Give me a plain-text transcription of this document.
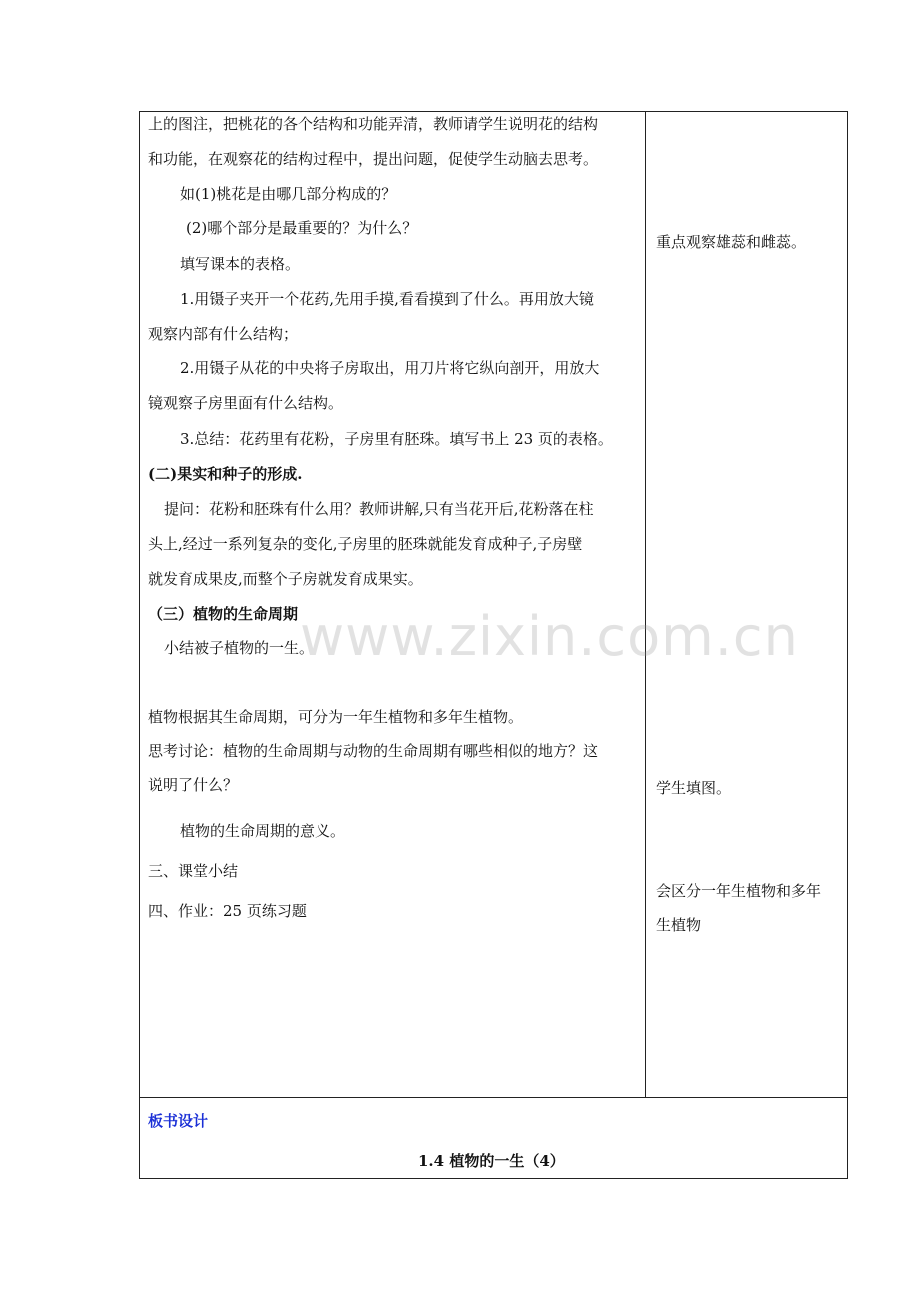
上的图注，把桃花的各个结构和功能弄清，教师请学生说明花的结构
和功能，在观察花的结构过程中，提出问题，促使学生动脑去思考。
如(1)桃花是由哪几部分构成的？
(2)哪个部分是最重要的？为什么？
填写课本的表格。
1.用镊子夹开一个花药,先用手摸,看看摸到了什么。再用放大镜
观察内部有什么结构；
2.用镊子从花的中央将子房取出，用刀片将它纵向剖开，用放大
镜观察子房里面有什么结构。
3.总结：花药里有花粉，子房里有胚珠。填写书上 23 页的表格。
(二)果实和种子的形成.
提问：花粉和胚珠有什么用？教师讲解,只有当花开后,花粉落在柱
头上,经过一系列复杂的变化,子房里的胚珠就能发育成种子,子房壁
就发育成果皮,而整个子房就发育成果实。
（三）植物的生命周期
小结被子植物的一生。
植物根据其生命周期，可分为一年生植物和多年生植物。
思考讨论：植物的生命周期与动物的生命周期有哪些相似的地方？这
说明了什么？
植物的生命周期的意义。
三、课堂小结
四、作业：25 页练习题
重点观察雄蕊和雌蕊。
学生填图。
会区分一年生植物和多年
生植物
板书设计
1.4 植物的一生（4）
www.zixin.com.cn
